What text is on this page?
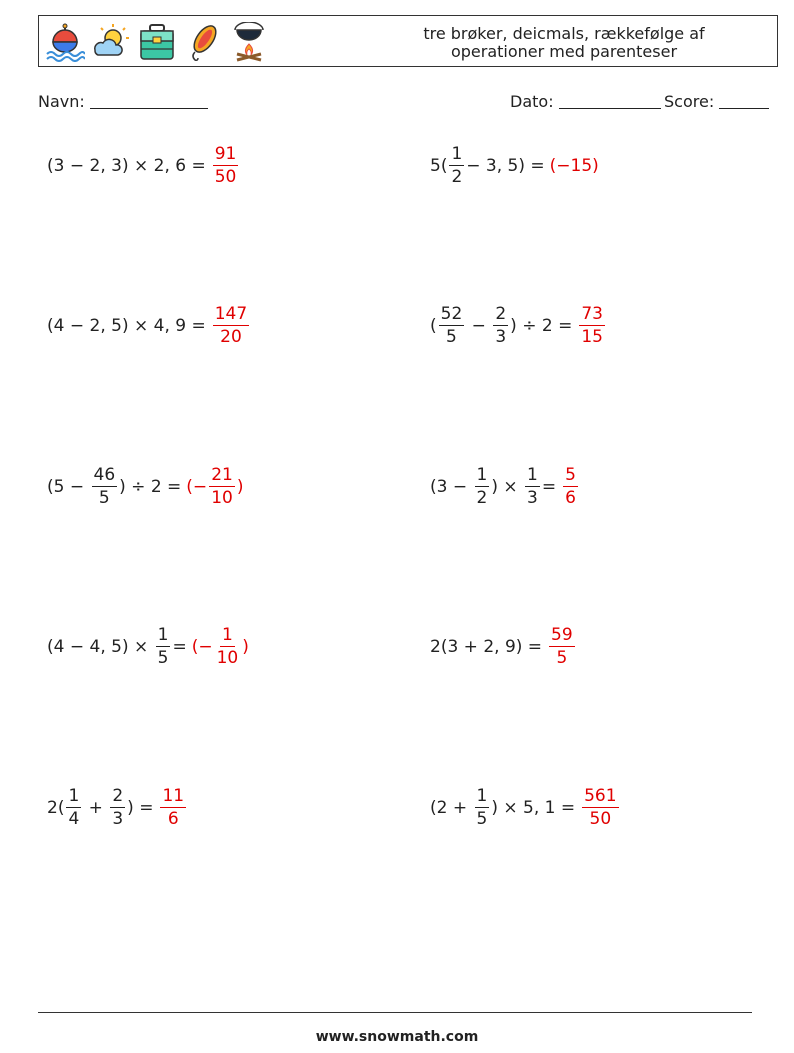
tre brøker, deicmals, rækkefølge af
operationer med parenteser
Navn:	Dato:	Score:
(3 − 2, 3) × 2, $6 = \frac{91}{50}$	$5( \frac{1}{2} - 3$, 5) = (−15)
(4 − 2, 5) × 4, $9 = \frac{147}{20}$	( $\frac{52}{5} - \frac{2}{3}$ ) ÷ $2 = \frac{73}{15}$
($5 - \frac{46}{5}$ ) ÷ 2 = (− $\frac{21}{10}$ )	($3 - \frac{1}{2}$ ) × $\frac{1}{3} = \frac{5}{6}$
(4 − 4, $5) \times \frac{1}{5}$ = (− $\frac{1}{10}$ )	2(3 + 2, $9) = \frac{59}{5}$
$2( \frac{1}{4} + \frac{2}{3}$ ) = $\frac{11}{6}$	($2 + \frac{1}{5}$ ) × 5, $1 = \frac{561}{50}$
www.snowmath.com
